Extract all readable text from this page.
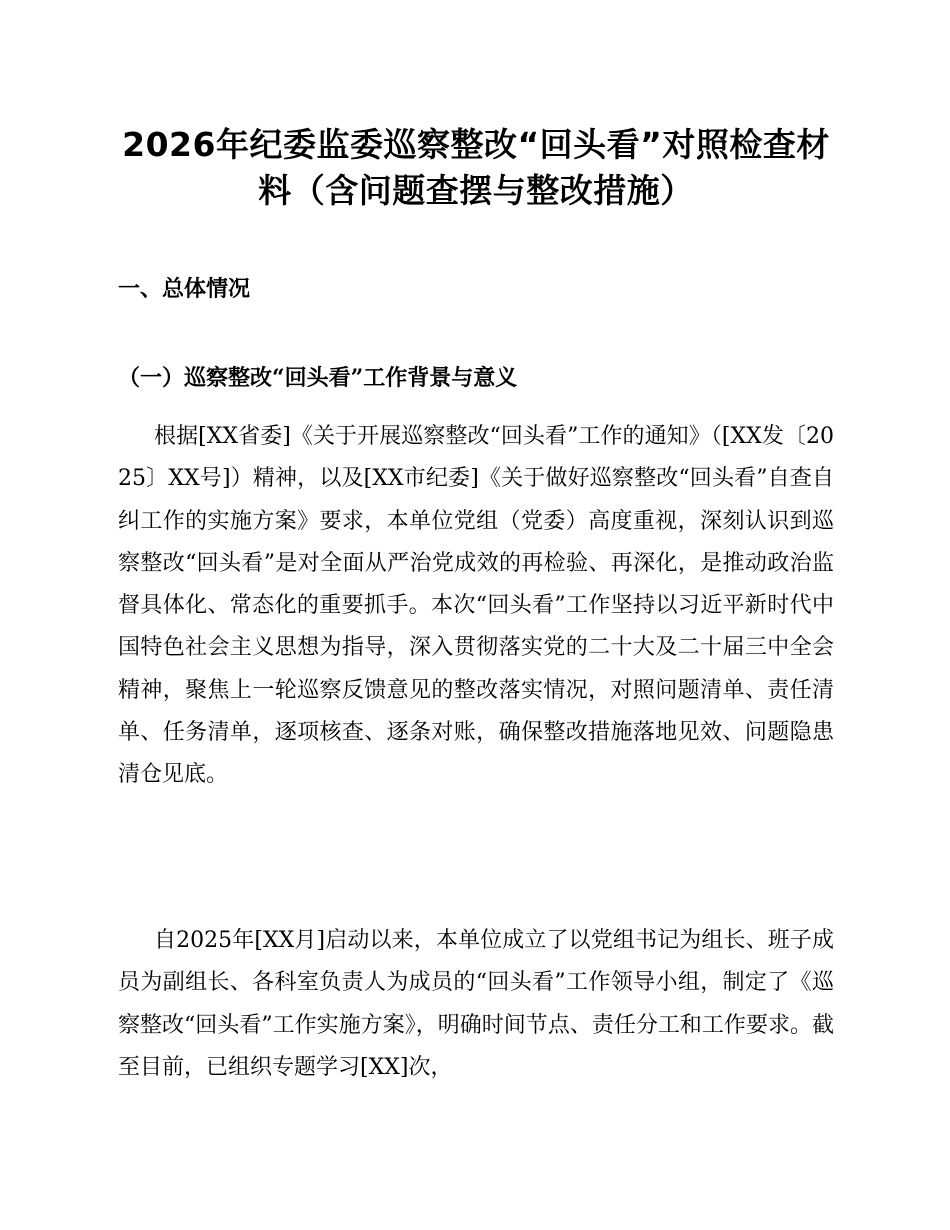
2026年纪委监委巡察整改“回头看”对照检查材料（含问题查摆与整改措施）
一、总体情况
（一）巡察整改“回头看”工作背景与意义

根据[XX省委]《关于开展巡察整改“回头看”工作的通知》（[XX发〔2025〕XX号]）精神，以及[XX市纪委]《关于做好巡察整改“回头看”自查自纠工作的实施方案》要求，本单位党组（党委）高度重视，深刻认识到巡察整改“回头看”是对全面从严治党成效的再检验、再深化，是推动政治监督具体化、常态化的重要抓手。本次“回头看”工作坚持以习近平新时代中国特色社会主义思想为指导，深入贯彻落实党的二十大及二十届三中全会精神，聚焦上一轮巡察反馈意见的整改落实情况，对照问题清单、责任清单、任务清单，逐项核查、逐条对账，确保整改措施落地见效、问题隐患清仓见底。

自2025年[XX月]启动以来，本单位成立了以党组书记为组长、班子成员为副组长、各科室负责人为成员的“回头看”工作领导小组，制定了《巡察整改“回头看”工作实施方案》，明确时间节点、责任分工和工作要求。截至目前，已组织专题学习[XX]次，
